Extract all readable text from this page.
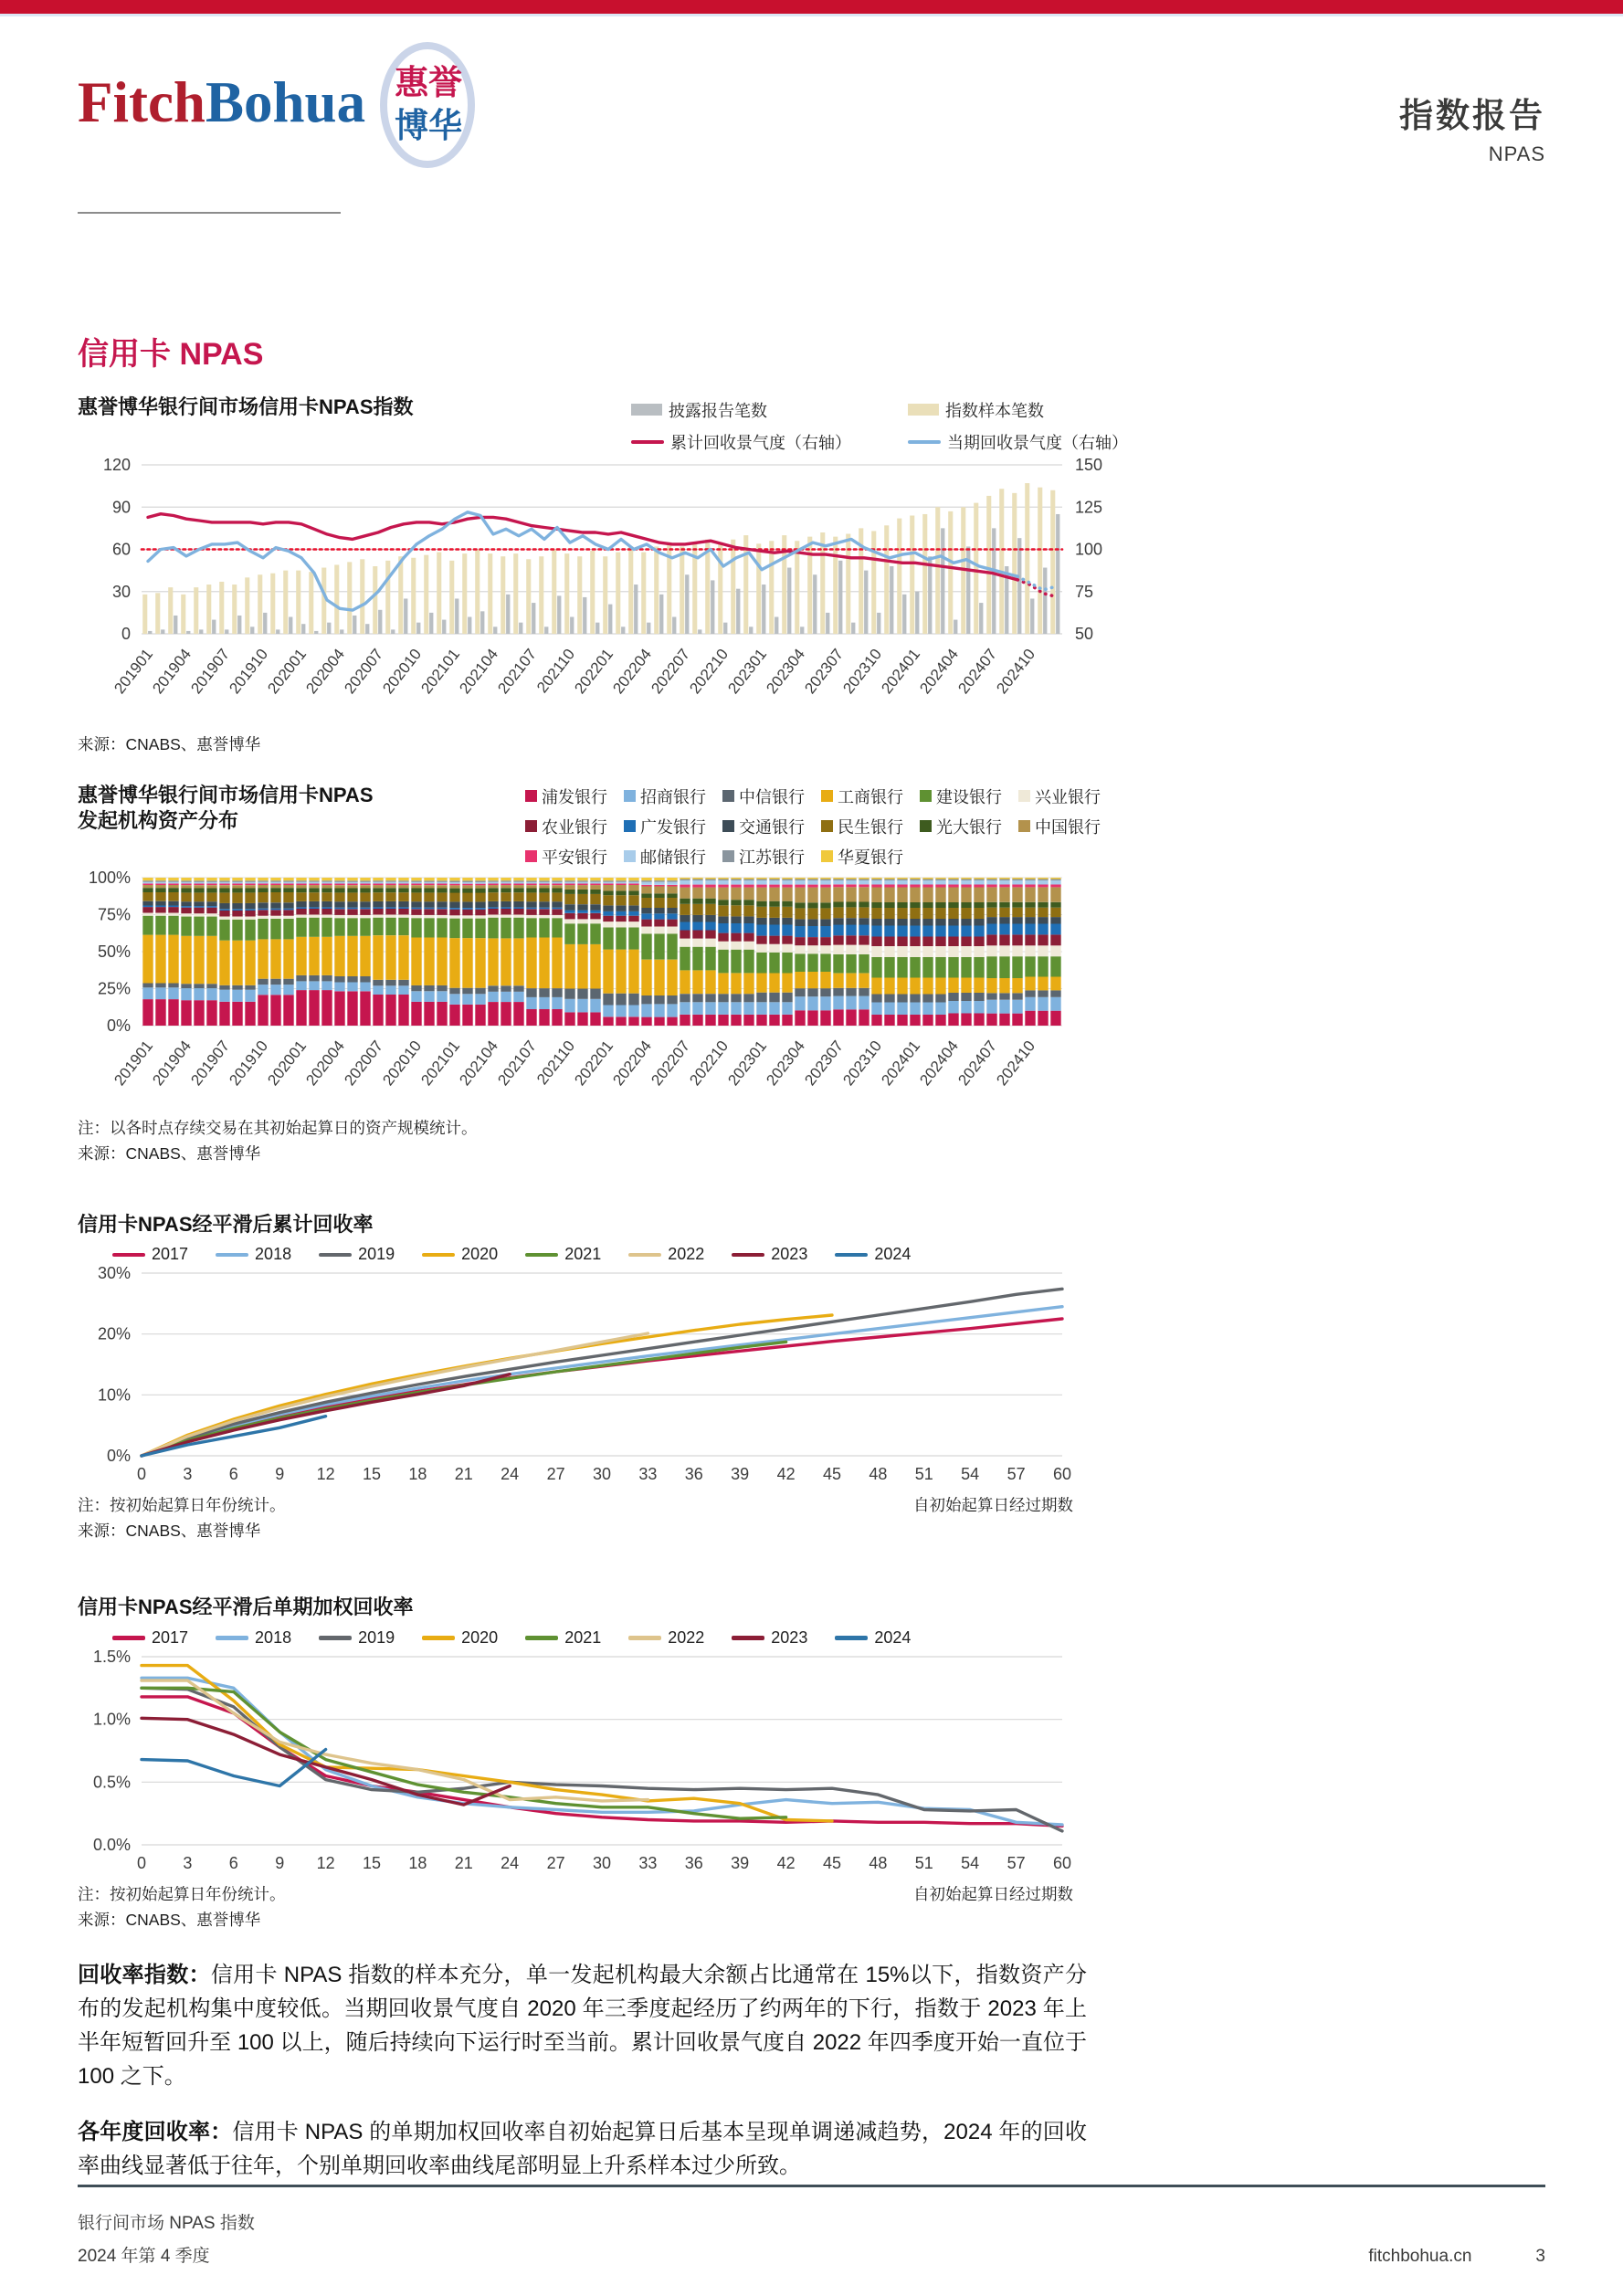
FitchBohua 惠 誉
博 华	指数报告
NPAS
信用卡 NPAS
惠誉博华银行间市场信用卡NPAS指数	披露报告笔数	指数样本笔数
累计回收景气度（右轴）	当期回收景气度（右轴）
0
30
60
90
120
50
75
100
125
150
201901
201904
201907
201910
202001
202004
202007
202010
202101
202104
202107
202110
202201
202204
202207
202210
202301
202304
202307
202310
202401
202404
202407
202410
来源：CNABS、惠誉博华
惠誉博华银行间市场信用卡NPAS
发起机构资产分布
浦发银行 招商银行 中信银行 工商银行 建设银行 兴业银行
农业银行 广发银行 交通银行 民生银行 光大银行 中国银行
平安银行 邮储银行 江苏银行 华夏银行
0%
25%
50%
75%
100%
201901
201904
201907
201910
202001
202004
202007
202010
202101
202104
202107
202110
202201
202204
202207
202210
202301
202304
202307
202310
202401
202404
202407
202410
注：以各时点存续交易在其初始起算日的资产规模统计。
来源：CNABS、惠誉博华
信用卡NPAS经平滑后累计回收率
2017	2018	2019	2020	2021	2022	2023	2024
0%
10%
20%
30%
0 3 6 9 12 15 18 21 24 27 30 33 36 39 42 45 48 51 54 57 60
注：按初始起算日年份统计。	自初始起算日经过期数
来源：CNABS、惠誉博华
信用卡NPAS经平滑后单期加权回收率
2017	2018	2019	2020	2021	2022	2023	2024
0.0%
0.5%
1.0%
1.5%
0 3 6 9 12 15 18 21 24 27 30 33 36 39 42 45 48 51 54 57 60
注：按初始起算日年份统计。	自初始起算日经过期数
来源：CNABS、惠誉博华

回收率指数：信用卡 NPAS 指数的样本充分，单一发起机构最大余额占比通常在 15%以下，指数资产分布的发起机构集中度较低。当期回收景气度自 2020 年三季度起经历了约两年的下行，指数于 2023 年上半年短暂回升至 100 以上，随后持续向下运行时至当前。累计回收景气度自 2022 年四季度开始一直位于 100 之下。

各年度回收率：信用卡 NPAS 的单期加权回收率自初始起算日后基本呈现单调递减趋势，2024 年的回收率曲线显著低于往年，个别单期回收率曲线尾部明显上升系样本过少所致。

银行间市场 NPAS 指数
2024 年第 4 季度	fitchbohua.cn	3
